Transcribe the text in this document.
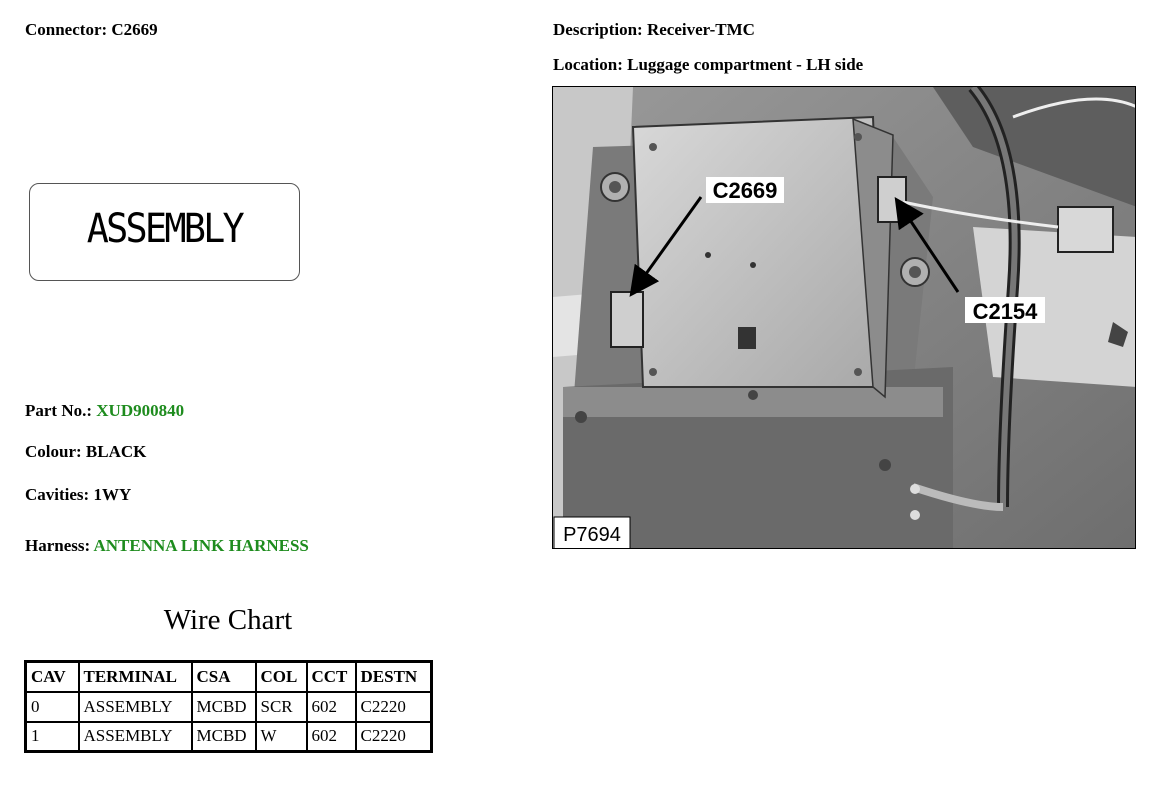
Connector: C2669	Description: Receiver-TMC
Location: Luggage compartment - LH side
ASSEMBLY
Part No.: XUD900840
Colour: BLACK
Cavities: 1WY
Harness: ANTENNA LINK HARNESS
Wire Chart
CAV	TERMINAL	CSA	COL	CCT	DESTN
0	ASSEMBLY	MCBD	SCR	602	C2220
1	ASSEMBLY	MCBD	W	602	C2220
C2669
C2154
P7694
